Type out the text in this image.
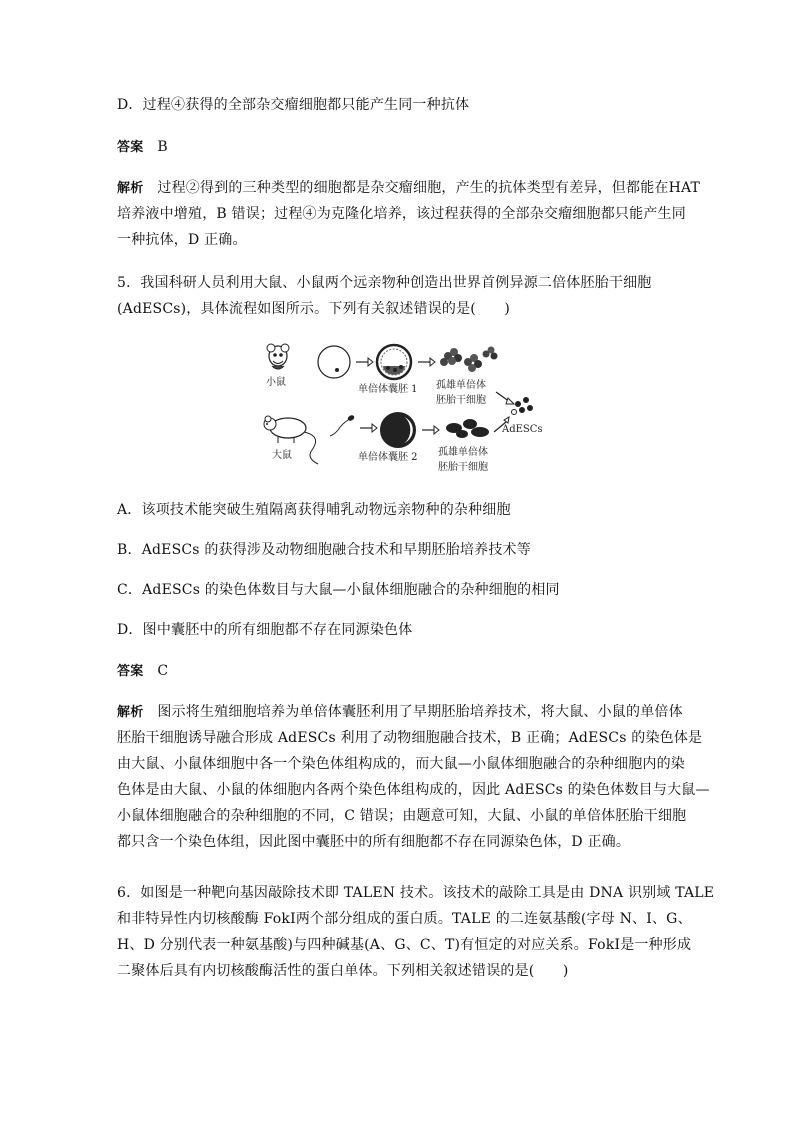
D．过程④获得的全部杂交瘤细胞都只能产生同一种抗体
答案 B
解析 过程②得到的三种类型的细胞都是杂交瘤细胞，产生的抗体类型有差异，但都能在HAT
培养液中增殖，B 错误；过程④为克隆化培养，该过程获得的全部杂交瘤细胞都只能产生同
一种抗体，D 正确。
5．我国科研人员利用大鼠、小鼠两个远亲物种创造出世界首例异源二倍体胚胎干细胞
(AdESCs)，具体流程如图所示。下列有关叙述错误的是(　　)
小鼠
单倍体囊胚 1 孤雄单倍体
胚胎干细胞
AdESCs
大鼠	单倍体囊胚 2 孤雄单倍体
胚胎干细胞
A．该项技术能突破生殖隔离获得哺乳动物远亲物种的杂种细胞
B．AdESCs 的获得涉及动物细胞融合技术和早期胚胎培养技术等
C．AdESCs 的染色体数目与大鼠—小鼠体细胞融合的杂种细胞的相同
D．图中囊胚中的所有细胞都不存在同源染色体
答案 C
解析 图示将生殖细胞培养为单倍体囊胚利用了早期胚胎培养技术，将大鼠、小鼠的单倍体
胚胎干细胞诱导融合形成 AdESCs 利用了动物细胞融合技术，B 正确；AdESCs 的染色体是
由大鼠、小鼠体细胞中各一个染色体组构成的，而大鼠—小鼠体细胞融合的杂种细胞内的染
色体是由大鼠、小鼠的体细胞内各两个染色体组构成的，因此 AdESCs 的染色体数目与大鼠—
小鼠体细胞融合的杂种细胞的不同，C 错误；由题意可知，大鼠、小鼠的单倍体胚胎干细胞
都只含一个染色体组，因此图中囊胚中的所有细胞都不存在同源染色体，D 正确。
6．如图是一种靶向基因敲除技术即 TALEN 技术。该技术的敲除工具是由 DNA 识别域 TALE
和非特异性内切核酸酶 FokⅠ两个部分组成的蛋白质。TALE 的二连氨基酸(字母 N、I、G、
H、D 分别代表一种氨基酸)与四种碱基(A、G、C、T)有恒定的对应关系。FokⅠ是一种形成
二聚体后具有内切核酸酶活性的蛋白单体。下列相关叙述错误的是(　　)
